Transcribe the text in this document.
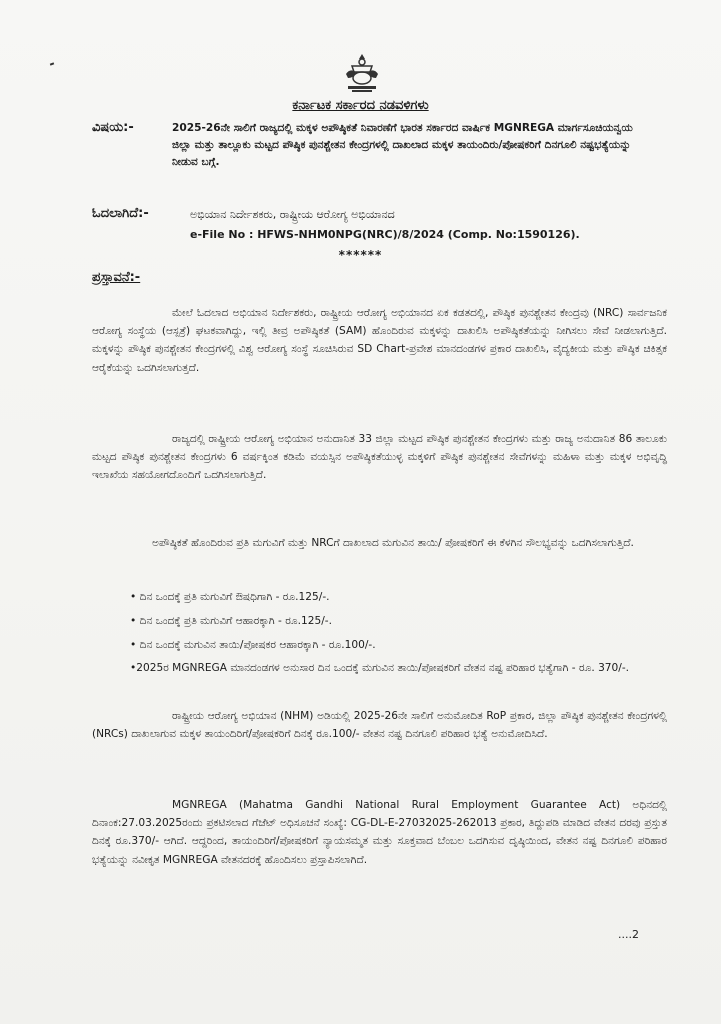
ಕರ್ನಾಟಕ ಸರ್ಕಾರದ ನಡವಳಿಗಳು
ವಿಷಯ:-	2025-26ನೇ ಸಾಲಿಗೆ ರಾಜ್ಯದಲ್ಲಿ ಮಕ್ಕಳ ಅಪೌಷ್ಠಿಕತೆ ನಿವಾರಣೆಗೆ ಭಾರತ ಸರ್ಕಾರದ ವಾರ್ಷಿಕ MGNREGA ಮಾರ್ಗಸೂಚಿಯನ್ವಯ ಜಿಲ್ಲಾ ಮತ್ತು ತಾಲ್ಲೂಕು ಮಟ್ಟದ ಪೌಷ್ಠಿಕ ಪುನಶ್ಚೇತನ ಕೇಂದ್ರಗಳಲ್ಲಿ ದಾಖಲಾದ ಮಕ್ಕಳ ತಾಯಂದಿರು/ಪೋಷಕರಿಗೆ ದಿನಗೂಲಿ ನಷ್ಟಭತ್ಯೆಯನ್ನು ನೀಡುವ ಬಗ್ಗೆ.
ಓದಲಾಗಿದೆ:-	ಅಭಿಯಾನ ನಿರ್ದೇಶಕರು, ರಾಷ್ಟ್ರೀಯ ಆರೋಗ್ಯ ಅಭಿಯಾನದ
e-File No : HFWS-NHM0NPG(NRC)/8/2024 (Comp. No:1590126).
******
ಪ್ರಸ್ತಾವನೆ:-
ಮೇಲೆ ಓದಲಾದ ಅಭಿಯಾನ ನಿರ್ದೇಶಕರು, ರಾಷ್ಟ್ರೀಯ ಆರೋಗ್ಯ ಅಭಿಯಾನದ ಏಕ ಕಡತದಲ್ಲಿ, ಪೌಷ್ಠಿಕ ಪುನಶ್ಚೇತನ ಕೇಂದ್ರವು (NRC) ಸಾರ್ವಜನಿಕ ಆರೋಗ್ಯ ಸಂಸ್ಥೆಯ (ಆಸ್ಪತ್ರೆ) ಘಟಕವಾಗಿದ್ದು, ಇಲ್ಲಿ ತೀವ್ರ ಅಪೌಷ್ಠಿಕತೆ (SAM) ಹೊಂದಿರುವ ಮಕ್ಕಳನ್ನು ದಾಖಲಿಸಿ ಅಪೌಷ್ಠಿಕತೆಯನ್ನು ನೀಗಿಸಲು ಸೇವೆ ನೀಡಲಾಗುತ್ತಿದೆ. ಮಕ್ಕಳನ್ನು ಪೌಷ್ಠಿಕ ಪುನಶ್ಚೇತನ ಕೇಂದ್ರಗಳಲ್ಲಿ ವಿಶ್ವ ಆರೋಗ್ಯ ಸಂಸ್ಥೆ ಸೂಚಿಸಿರುವ SD Chart-ಪ್ರವೇಶ ಮಾನದಂಡಗಳ ಪ್ರಕಾರ ದಾಖಲಿಸಿ, ವೈದ್ಯಕೀಯ ಮತ್ತು ಪೌಷ್ಠಿಕ ಚಿಕಿತ್ಸಕ ಆರೈಕೆಯನ್ನು ಒದಗಿಸಲಾಗುತ್ತದೆ.
ರಾಜ್ಯದಲ್ಲಿ ರಾಷ್ಟ್ರೀಯ ಆರೋಗ್ಯ ಅಭಿಯಾನ ಅನುದಾನಿತ 33 ಜಿಲ್ಲಾ ಮಟ್ಟದ ಪೌಷ್ಠಿಕ ಪುನಶ್ಚೇತನ ಕೇಂದ್ರಗಳು ಮತ್ತು ರಾಜ್ಯ ಅನುದಾನಿತ 86 ತಾಲೂಕು ಮಟ್ಟದ ಪೌಷ್ಠಿಕ ಪುನಶ್ಚೇತನ ಕೇಂದ್ರಗಳು 6 ವರ್ಷಕ್ಕಿಂತ ಕಡಿಮೆ ವಯಸ್ಸಿನ ಅಪೌಷ್ಠಿಕತೆಯುಳ್ಳ ಮಕ್ಕಳಿಗೆ ಪೌಷ್ಠಿಕ ಪುನಶ್ಚೇತನ ಸೇವೆಗಳನ್ನು ಮಹಿಳಾ ಮತ್ತು ಮಕ್ಕಳ ಅಭಿವೃದ್ಧಿ ಇಲಾಖೆಯ ಸಹಯೋಗದೊಂದಿಗೆ ಒದಗಿಸಲಾಗುತ್ತಿದೆ.
ಅಪೌಷ್ಠಿಕತೆ ಹೊಂದಿರುವ ಪ್ರತಿ ಮಗುವಿಗೆ ಮತ್ತು NRCಗೆ ದಾಖಲಾದ ಮಗುವಿನ ತಾಯಿ/ ಪೋಷಕರಿಗೆ ಈ ಕೆಳಗಿನ ಸೌಲಭ್ಯವನ್ನು ಒದಗಿಸಲಾಗುತ್ತಿದೆ.
• ದಿನ ಒಂದಕ್ಕೆ ಪ್ರತಿ ಮಗುವಿಗೆ ಔಷಧಿಗಾಗಿ - ರೂ.125/-.
• ದಿನ ಒಂದಕ್ಕೆ ಪ್ರತಿ ಮಗುವಿಗೆ ಆಹಾರಕ್ಕಾಗಿ - ರೂ.125/-.
• ದಿನ ಒಂದಕ್ಕೆ ಮಗುವಿನ ತಾಯಿ/ಪೋಷಕರ ಆಹಾರಕ್ಕಾಗಿ - ರೂ.100/-.
•2025ರ MGNREGA ಮಾನದಂಡಗಳ ಅನುಸಾರ ದಿನ ಒಂದಕ್ಕೆ ಮಗುವಿನ ತಾಯಿ/ಪೋಷಕರಿಗೆ ವೇತನ ನಷ್ಟ ಪರಿಹಾರ ಭತ್ಯೆಗಾಗಿ - ರೂ. 370/-.
ರಾಷ್ಟ್ರೀಯ ಆರೋಗ್ಯ ಅಭಿಯಾನ (NHM) ಅಡಿಯಲ್ಲಿ 2025-26ನೇ ಸಾಲಿಗೆ ಅನುಮೋದಿತ RoP ಪ್ರಕಾರ, ಜಿಲ್ಲಾ ಪೌಷ್ಠಿಕ ಪುನಶ್ಚೇತನ ಕೇಂದ್ರಗಳಲ್ಲಿ (NRCs) ದಾಖಲಾಗುವ ಮಕ್ಕಳ ತಾಯಂದಿರಿಗೆ/ಪೋಷಕರಿಗೆ ದಿನಕ್ಕೆ ರೂ.100/- ವೇತನ ನಷ್ಟ ದಿನಗೂಲಿ ಪರಿಹಾರ ಭತ್ಯೆ ಅನುಮೋದಿಸಿದೆ.
MGNREGA (Mahatma Gandhi National Rural Employment Guarantee Act) ಅಧಿನದಲ್ಲಿ ದಿನಾಂಕ:27.03.2025ರಂದು ಪ್ರಕಟಿಸಲಾದ ಗೆಜೆಟ್ ಅಧಿಸೂಚನೆ ಸಂಖ್ಯೆ: CG-DL-E-27032025-262013 ಪ್ರಕಾರ, ತಿದ್ದುಪಡಿ ಮಾಡಿದ ವೇತನ ದರವು ಪ್ರಸ್ತುತ ದಿನಕ್ಕೆ ರೂ.370/- ಆಗಿದೆ. ಆದ್ದರಿಂದ, ತಾಯಂದಿರಿಗೆ/ಪೋಷಕರಿಗೆ ನ್ಯಾಯಸಮ್ಮತ ಮತ್ತು ಸೂಕ್ತವಾದ ಬೆಂಬಲ ಒದಗಿಸುವ ದೃಷ್ಠಿಯಿಂದ, ವೇತನ ನಷ್ಟ ದಿನಗೂಲಿ ಪರಿಹಾರ ಭತ್ಯೆಯನ್ನು ನವೀಕೃತ MGNREGA ವೇತನದರಕ್ಕೆ ಹೊಂದಿಸಲು ಪ್ರಸ್ತಾಪಿಸಲಾಗಿದೆ.
....2
